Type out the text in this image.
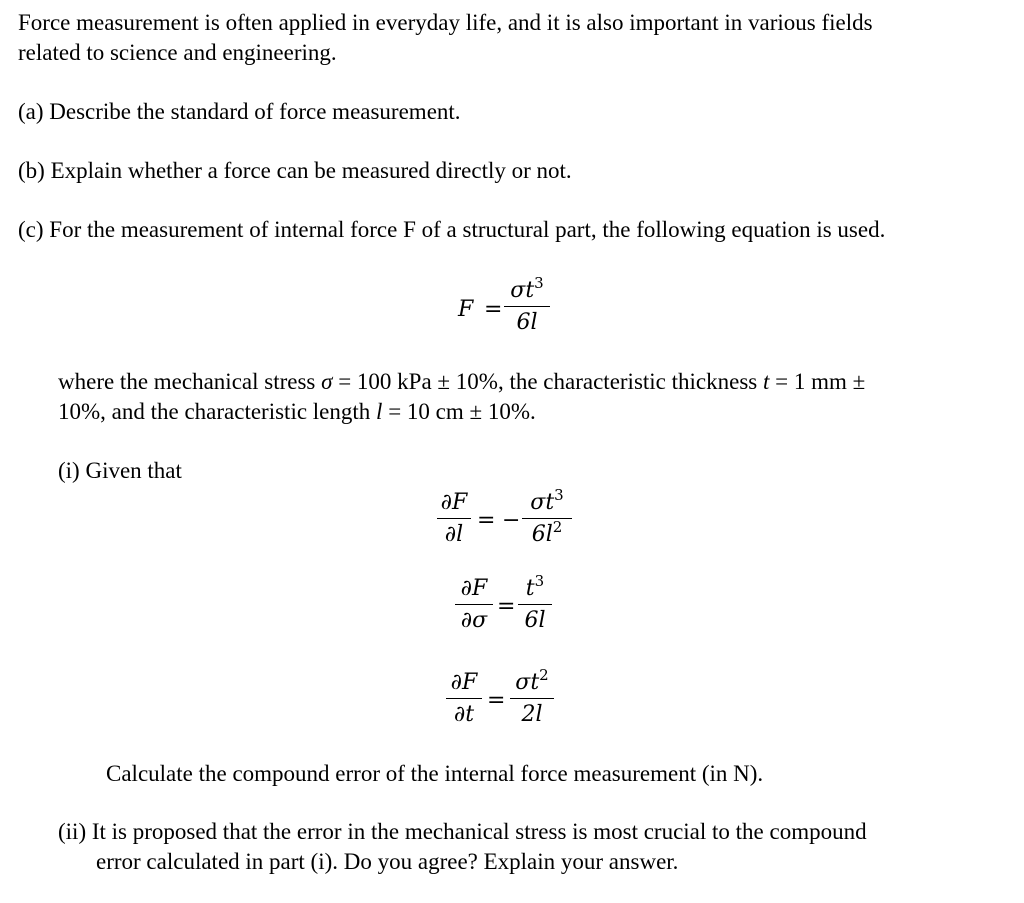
Force measurement is often applied in everyday life, and it is also important in various fields
related to science and engineering.
(a) Describe the standard of force measurement.
(b) Explain whether a force can be measured directly or not.
(c) For the measurement of internal force F of a structural part, the following equation is used.
F =
$\sigma t^3$
6l
where the mechanical stress σ = 100 kPa ± 10%, the characteristic thickness t = 1 mm ±
10%, and the characteristic length l = 10 cm ± 10%.
(i) Given that
∂F
∂l
= −
$\sigma t^3$
$6l^2$
∂F
∂σ
=
$t^3$
6l
∂F
∂t
=
$\sigma t^2$
2l
Calculate the compound error of the internal force measurement (in N).
(ii) It is proposed that the error in the mechanical stress is most crucial to the compound
error calculated in part (i). Do you agree? Explain your answer.
